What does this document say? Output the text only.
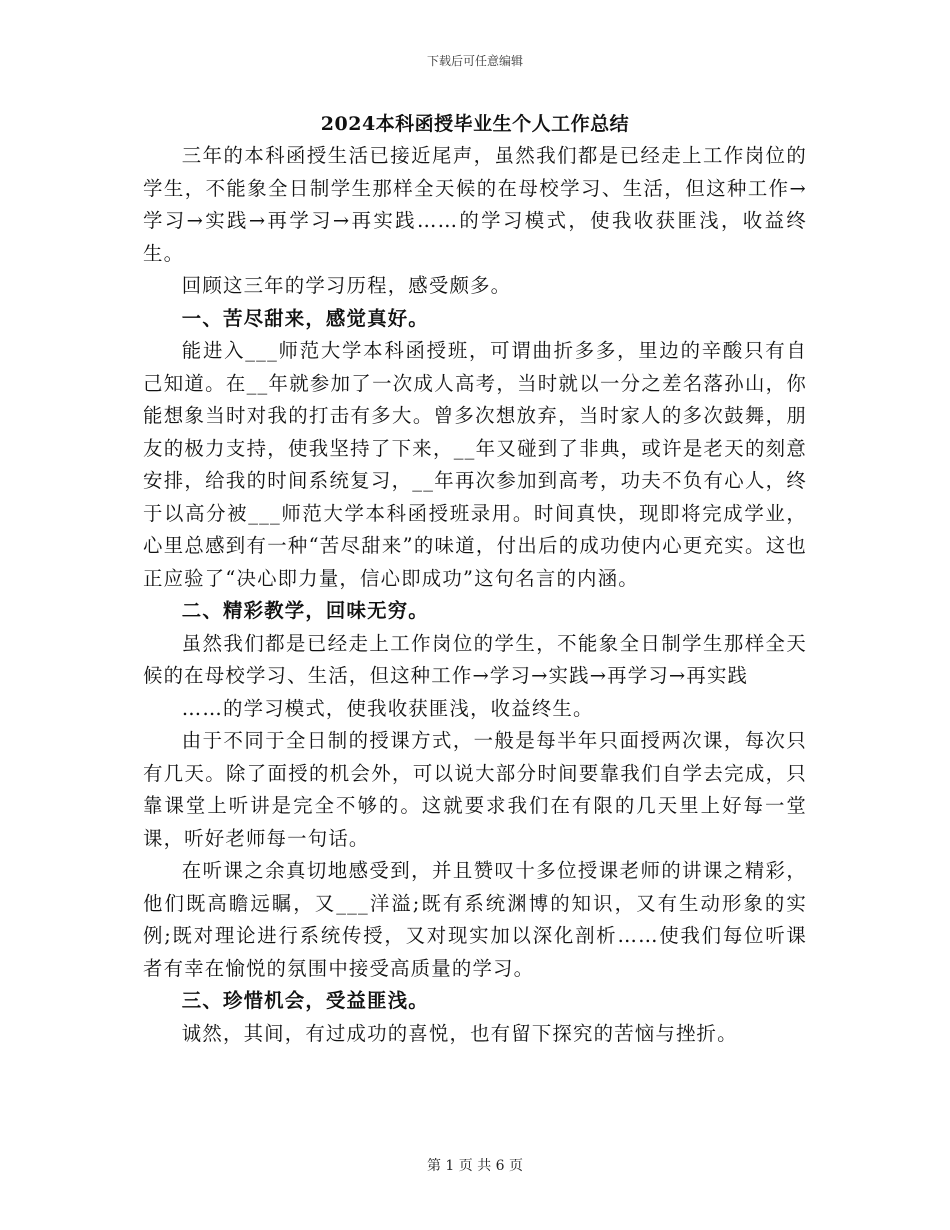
下载后可任意编辑
2024本科函授毕业生个人工作总结

三年的本科函授生活已接近尾声，虽然我们都是已经走上工作岗位的学生，不能象全日制学生那样全天候的在母校学习、生活，但这种工作→学习→实践→再学习→再实践……的学习模式，使我收获匪浅，收益终生。

回顾这三年的学习历程，感受颇多。

一、苦尽甜来，感觉真好。

能进入___师范大学本科函授班，可谓曲折多多，里边的辛酸只有自己知道。在__年就参加了一次成人高考，当时就以一分之差名落孙山，你能想象当时对我的打击有多大。曾多次想放弃，当时家人的多次鼓舞，朋友的极力支持，使我坚持了下来，__年又碰到了非典，或许是老天的刻意安排，给我的时间系统复习，__年再次参加到高考，功夫不负有心人，终于以高分被___师范大学本科函授班录用。时间真快，现即将完成学业，心里总感到有一种“苦尽甜来”的味道，付出后的成功使内心更充实。这也正应验了“决心即力量，信心即成功”这句名言的内涵。

二、精彩教学，回味无穷。

虽然我们都是已经走上工作岗位的学生，不能象全日制学生那样全天候的在母校学习、生活，但这种工作→学习→实践→再学习→再实践

……的学习模式，使我收获匪浅，收益终生。

由于不同于全日制的授课方式，一般是每半年只面授两次课，每次只有几天。除了面授的机会外，可以说大部分时间要靠我们自学去完成，只靠课堂上听讲是完全不够的。这就要求我们在有限的几天里上好每一堂课，听好老师每一句话。

在听课之余真切地感受到，并且赞叹十多位授课老师的讲课之精彩，他们既高瞻远瞩，又___洋溢;既有系统渊博的知识，又有生动形象的实例;既对理论进行系统传授，又对现实加以深化剖析……使我们每位听课者有幸在愉悦的氛围中接受高质量的学习。

三、珍惜机会，受益匪浅。

诚然，其间，有过成功的喜悦，也有留下探究的苦恼与挫折。

第 1 页 共 6 页
